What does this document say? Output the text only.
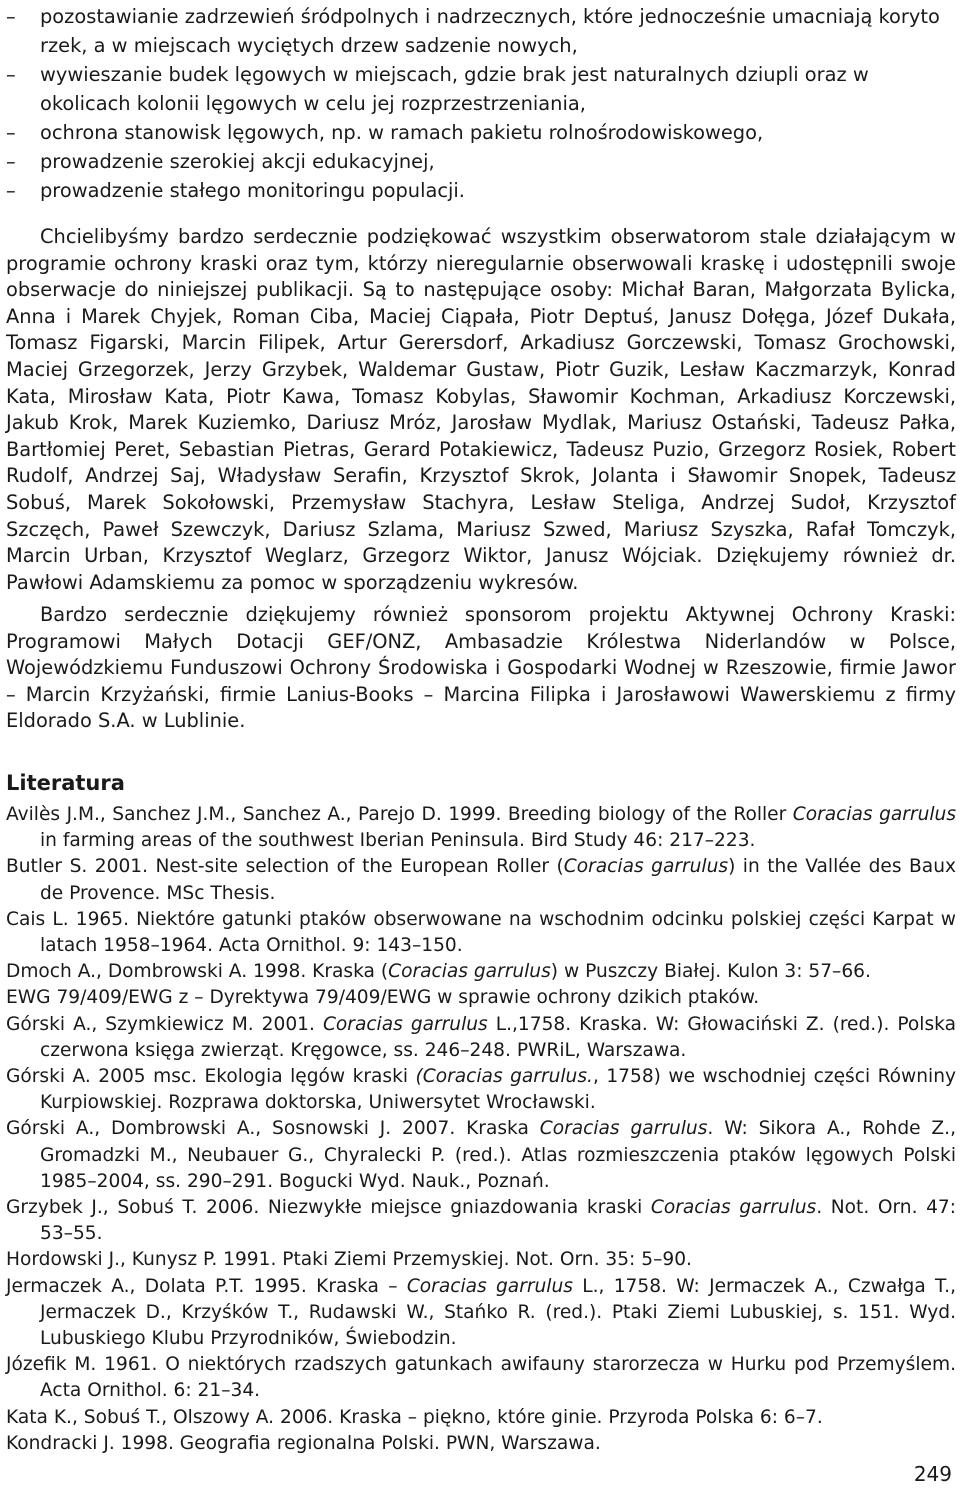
– pozostawianie zadrzewień śródpolnych i nadrzecznych, które jednocześnie umacniają koryto rzek, a w miejscach wyciętych drzew sadzenie nowych,
– wywieszanie budek lęgowych w miejscach, gdzie brak jest naturalnych dziupli oraz w okolicach kolonii lęgowych w celu jej rozprzestrzeniania,
– ochrona stanowisk lęgowych, np. w ramach pakietu rolnośrodowiskowego,
– prowadzenie szerokiej akcji edukacyjnej,
– prowadzenie stałego monitoringu populacji.

Chcielibyśmy bardzo serdecznie podziękować wszystkim obserwatorom stale działającym w programie ochrony kraski oraz tym, którzy nieregularnie obserwowali kraskę i udostępnili swoje obserwacje do niniejszej publikacji. Są to następujące osoby: Michał Baran, Małgorzata Bylicka, Anna i Marek Chyjek, Roman Ciba, Maciej Ciąpała, Piotr Deptuś, Janusz Dołęga, Józef Dukała, Tomasz Figarski, Marcin Filipek, Artur Gerersdorf, Arkadiusz Gorczewski, Tomasz Grochowski, Maciej Grzegorzek, Jerzy Grzybek, Waldemar Gustaw, Piotr Guzik, Lesław Kaczmarzyk, Konrad Kata, Mirosław Kata, Piotr Kawa, Tomasz Kobylas, Sławomir Kochman, Arkadiusz Korczewski, Jakub Krok, Marek Kuziemko, Dariusz Mróz, Jarosław Mydlak, Mariusz Ostański, Tadeusz Pałka, Bartłomiej Peret, Sebastian Pietras, Gerard Potakiewicz, Tadeusz Puzio, Grzegorz Rosiek, Robert Rudolf, Andrzej Saj, Władysław Serafin, Krzysztof Skrok, Jolanta i Sławomir Snopek, Tadeusz Sobuś, Marek Sokołowski, Przemysław Stachyra, Lesław Steliga, Andrzej Sudoł, Krzysztof Szczęch, Paweł Szewczyk, Dariusz Szlama, Mariusz Szwed, Mariusz Szyszka, Rafał Tomczyk, Marcin Urban, Krzysztof Weglarz, Grzegorz Wiktor, Janusz Wójciak. Dziękujemy również dr. Pawłowi Adamskiemu za pomoc w sporządzeniu wykresów.

Bardzo serdecznie dziękujemy również sponsorom projektu Aktywnej Ochrony Kraski: Programowi Małych Dotacji GEF/ONZ, Ambasadzie Królestwa Niderlandów w Polsce, Wojewódzkiemu Funduszowi Ochrony Środowiska i Gospodarki Wodnej w Rzeszowie, firmie Jawor – Marcin Krzyżański, firmie Lanius-Books – Marcina Filipka i Jarosławowi Wawerskiemu z firmy Eldorado S.A. w Lublinie.

Literatura
Avilès J.M., Sanchez J.M., Sanchez A., Parejo D. 1999. Breeding biology of the Roller Coracias garrulus in farming areas of the southwest Iberian Peninsula. Bird Study 46: 217–223.
Butler S. 2001. Nest-site selection of the European Roller (Coracias garrulus) in the Vallée des Baux de Provence. MSc Thesis.
Cais L. 1965. Niektóre gatunki ptaków obserwowane na wschodnim odcinku polskiej części Karpat w latach 1958–1964. Acta Ornithol. 9: 143–150.
Dmoch A., Dombrowski A. 1998. Kraska (Coracias garrulus) w Puszczy Białej. Kulon 3: 57–66.
EWG 79/409/EWG z – Dyrektywa 79/409/EWG w sprawie ochrony dzikich ptaków.
Górski A., Szymkiewicz M. 2001. Coracias garrulus L.,1758. Kraska. W: Głowaciński Z. (red.). Polska czerwona księga zwierząt. Kręgowce, ss. 246–248. PWRiL, Warszawa.
Górski A. 2005 msc. Ekologia lęgów kraski (Coracias garrulus., 1758) we wschodniej części Równiny Kurpiowskiej. Rozprawa doktorska, Uniwersytet Wrocławski.
Górski A., Dombrowski A., Sosnowski J. 2007. Kraska Coracias garrulus. W: Sikora A., Rohde Z., Gromadzki M., Neubauer G., Chyralecki P. (red.). Atlas rozmieszczenia ptaków lęgowych Polski 1985–2004, ss. 290–291. Bogucki Wyd. Nauk., Poznań.
Grzybek J., Sobuś T. 2006. Niezwykłe miejsce gniazdowania kraski Coracias garrulus. Not. Orn. 47: 53–55.
Hordowski J., Kunysz P. 1991. Ptaki Ziemi Przemyskiej. Not. Orn. 35: 5–90.
Jermaczek A., Dolata P.T. 1995. Kraska – Coracias garrulus L., 1758. W: Jermaczek A., Czwałga T., Jermaczek D., Krzyśków T., Rudawski W., Stańko R. (red.). Ptaki Ziemi Lubuskiej, s. 151. Wyd. Lubuskiego Klubu Przyrodników, Świebodzin.
Józefik M. 1961. O niektórych rzadszych gatunkach awifauny starorzecza w Hurku pod Przemyślem. Acta Ornithol. 6: 21–34.
Kata K., Sobuś T., Olszowy A. 2006. Kraska – piękno, które ginie. Przyroda Polska 6: 6–7.
Kondracki J. 1998. Geografia regionalna Polski. PWN, Warszawa.
249
